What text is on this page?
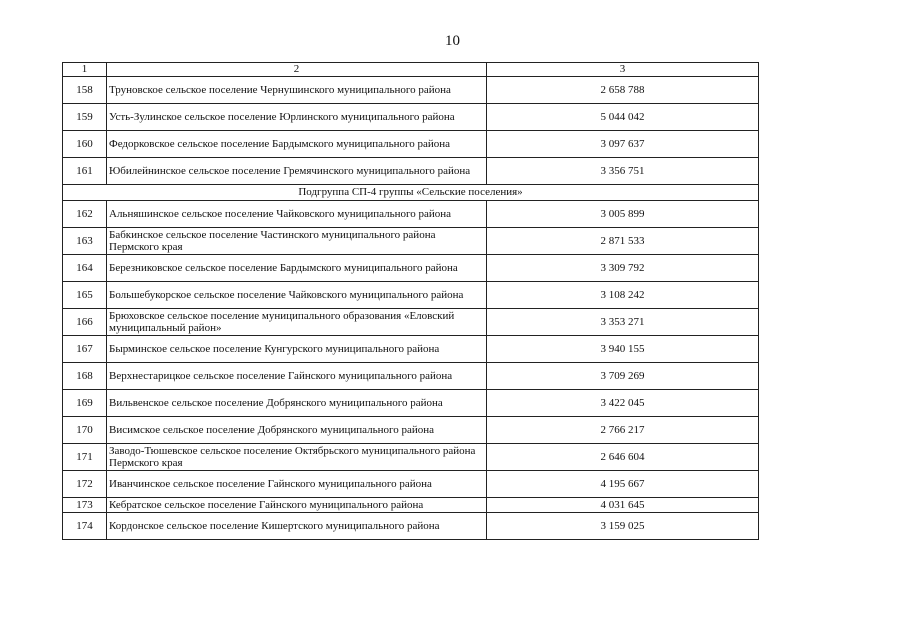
10
1	2	3
158	Труновское сельское поселение Чернушинского муниципального района	2 658 788
159	Усть-Зулинское сельское поселение Юрлинского муниципального района	5 044 042
160	Федорковское сельское поселение Бардымского муниципального района	3 097 637
161	Юбилейнинское сельское поселение Гремячинского муниципального района	3 356 751
Подгруппа СП-4 группы «Сельские поселения»		
162	Альняшинское сельское поселение Чайковского муниципального района	3 005 899
163	Бабкинское сельское поселение Частинского муниципального района Пермского края	2 871 533
164	Березниковское сельское поселение Бардымского муниципального района	3 309 792
165	Большебукорское сельское поселение Чайковского муниципального района	3 108 242
166	Брюховское сельское поселение муниципального образования «Еловский муниципальный район»	3 353 271
167	Бырминское сельское поселение Кунгурского муниципального района	3 940 155
168	Верхнестарицкое сельское поселение Гайнского муниципального района	3 709 269
169	Вильвенское сельское поселение Добрянского муниципального района	3 422 045
170	Висимское сельское поселение Добрянского муниципального района	2 766 217
171	Заводо-Тюшевское сельское поселение Октябрьского муниципального района Пермского края	2 646 604
172	Иванчинское сельское поселение Гайнского муниципального района	4 195 667
173	Кебратское сельское поселение Гайнского муниципального района	4 031 645
174	Кордонское сельское поселение Кишертского муниципального района	3 159 025
